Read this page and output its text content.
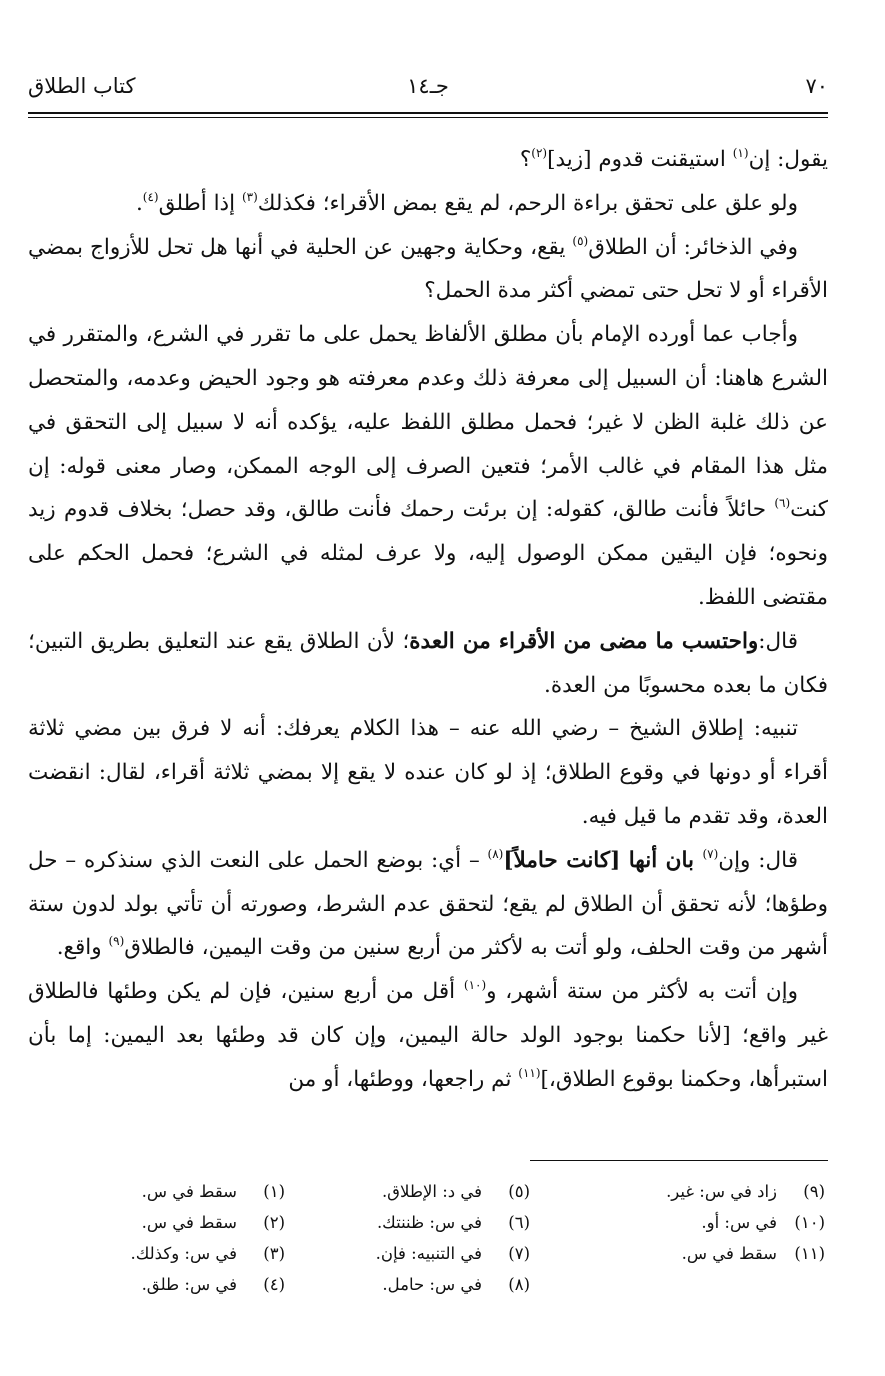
٧٠
جـ١٤
كتاب الطلاق

يقول: إن$^{(١)}$ استيقنت قدوم [زيد]$^{(٢)}$؟

ولو علق على تحقق براءة الرحم، لم يقع بمض الأقراء؛ فكذلك$^{(٣)}$ إذا أطلق$^{(٤)}$.

وفي الذخائر: أن الطلاق$^{(٥)}$ يقع، وحكاية وجهين عن الحلية في أنها هل تحل للأزواج بمضي الأقراء أو لا تحل حتى تمضي أكثر مدة الحمل؟

وأجاب عما أورده الإمام بأن مطلق الألفاظ يحمل على ما تقرر في الشرع، والمتقرر في الشرع هاهنا: أن السبيل إلى معرفة ذلك وعدم معرفته هو وجود الحيض وعدمه، والمتحصل عن ذلك غلبة الظن لا غير؛ فحمل مطلق اللفظ عليه، يؤكده أنه لا سبيل إلى التحقق في مثل هذا المقام في غالب الأمر؛ فتعين الصرف إلى الوجه الممكن، وصار معنى قوله: إن كنت$^{(٦)}$ حائلاً فأنت طالق، كقوله: إن برئت رحمك فأنت طالق، وقد حصل؛ بخلاف قدوم زيد ونحوه؛ فإن اليقين ممكن الوصول إليه، ولا عرف لمثله في الشرع؛ فحمل الحكم على مقتضى اللفظ.

قال:واحتسب ما مضى من الأقراء من العدة؛ لأن الطلاق يقع عند التعليق بطريق التبين؛ فكان ما بعده محسوبًا من العدة.

تنبيه: إطلاق الشيخ – رضي الله عنه – هذا الكلام يعرفك: أنه لا فرق بين مضي ثلاثة أقراء أو دونها في وقوع الطلاق؛ إذ لو كان عنده لا يقع إلا بمضي ثلاثة أقراء، لقال: انقضت العدة، وقد تقدم ما قيل فيه.

قال: وإن$^{(٧)}$ بان أنها [كانت حاملاً]$^{(٨)}$ – أي: بوضع الحمل على النعت الذي سنذكره – حل وطؤها؛ لأنه تحقق أن الطلاق لم يقع؛ لتحقق عدم الشرط، وصورته أن تأتي بولد لدون ستة أشهر من وقت الحلف، ولو أتت به لأكثر من أربع سنين من وقت اليمين، فالطلاق$^{(٩)}$ واقع.

وإن أتت به لأكثر من ستة أشهر، و$^{(١٠)}$ أقل من أربع سنين، فإن لم يكن وطئها فالطلاق غير واقع؛ [لأنا حكمنا بوجود الولد حالة اليمين، وإن كان قد وطئها بعد اليمين: إما بأن استبرأها، وحكمنا بوقوع الطلاق،]$^{(١١)}$ ثم راجعها، ووطئها، أو من

(١)سقط في س.
(٢)سقط في س.
(٣)في س: وكذلك.
(٤)في س: طلق.
(٥)في د: الإطلاق.
(٦)في س: ظننتك.
(٧)في التنبيه: فإن.
(٨)في س: حامل.
(٩)زاد في س: غير.
(١٠)في س: أو.
(١١)سقط في س.
